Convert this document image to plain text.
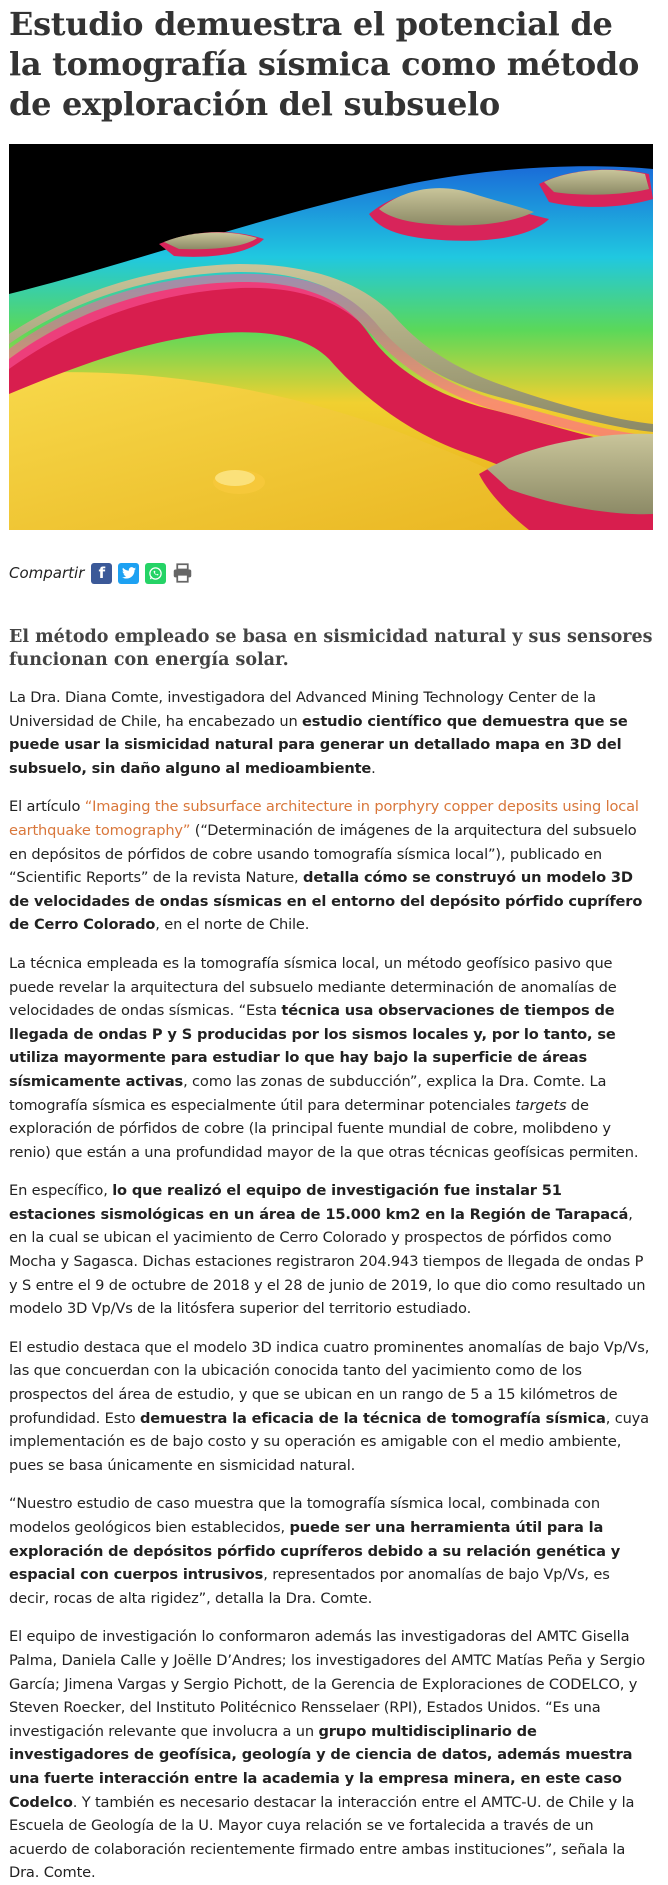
Estudio demuestra el potencial de la tomografía sísmica como método de exploración del subsuelo
Compartir f
El método empleado se basa en sismicidad natural y sus sensores funcionan con energía solar.

La Dra. Diana Comte, investigadora del Advanced Mining Technology Center de la Universidad de Chile, ha encabezado un estudio científico que demuestra que se puede usar la sismicidad natural para generar un detallado mapa en 3D del subsuelo, sin daño alguno al medioambiente.

El artículo “Imaging the subsurface architecture in porphyry copper deposits using local earthquake tomography” (“Determinación de imágenes de la arquitectura del subsuelo en depósitos de pórfidos de cobre usando tomografía sísmica local”), publicado en “Scientific Reports” de la revista Nature, detalla cómo se construyó un modelo 3D de velocidades de ondas sísmicas en el entorno del depósito pórfido cuprífero de Cerro Colorado, en el norte de Chile.

La técnica empleada es la tomografía sísmica local, un método geofísico pasivo que puede revelar la arquitectura del subsuelo mediante determinación de anomalías de velocidades de ondas sísmicas. “Esta técnica usa observaciones de tiempos de llegada de ondas P y S producidas por los sismos locales y, por lo tanto, se utiliza mayormente para estudiar lo que hay bajo la superficie de áreas sísmicamente activas, como las zonas de subducción”, explica la Dra. Comte. La tomografía sísmica es especialmente útil para determinar potenciales targets de exploración de pórfidos de cobre (la principal fuente mundial de cobre, molibdeno y renio) que están a una profundidad mayor de la que otras técnicas geofísicas permiten.

En específico, lo que realizó el equipo de investigación fue instalar 51 estaciones sismológicas en un área de 15.000 km2 en la Región de Tarapacá, en la cual se ubican el yacimiento de Cerro Colorado y prospectos de pórfidos como Mocha y Sagasca. Dichas estaciones registraron 204.943 tiempos de llegada de ondas P y S entre el 9 de octubre de 2018 y el 28 de junio de 2019, lo que dio como resultado un modelo 3D Vp/Vs de la litósfera superior del territorio estudiado.

El estudio destaca que el modelo 3D indica cuatro prominentes anomalías de bajo Vp/Vs, las que concuerdan con la ubicación conocida tanto del yacimiento como de los prospectos del área de estudio, y que se ubican en un rango de 5 a 15 kilómetros de profundidad. Esto demuestra la eficacia de la técnica de tomografía sísmica, cuya implementación es de bajo costo y su operación es amigable con el medio ambiente, pues se basa únicamente en sismicidad natural.

“Nuestro estudio de caso muestra que la tomografía sísmica local, combinada con modelos geológicos bien establecidos, puede ser una herramienta útil para la exploración de depósitos pórfido cupríferos debido a su relación genética y espacial con cuerpos intrusivos, representados por anomalías de bajo Vp/Vs, es decir, rocas de alta rigidez”, detalla la Dra. Comte.

El equipo de investigación lo conformaron además las investigadoras del AMTC Gisella Palma, Daniela Calle y Joëlle D’Andres; los investigadores del AMTC Matías Peña y Sergio García; Jimena Vargas y Sergio Pichott, de la Gerencia de Exploraciones de CODELCO, y Steven Roecker, del Instituto Politécnico Rensselaer (RPI), Estados Unidos. “Es una investigación relevante que involucra a un grupo multidisciplinario de investigadores de geofísica, geología y de ciencia de datos, además muestra una fuerte interacción entre la academia y la empresa minera, en este caso Codelco. Y también es necesario destacar la interacción entre el AMTC-U. de Chile y la Escuela de Geología de la U. Mayor cuya relación se ve fortalecida a través de un acuerdo de colaboración recientemente firmado entre ambas instituciones”, señala la Dra. Comte.
